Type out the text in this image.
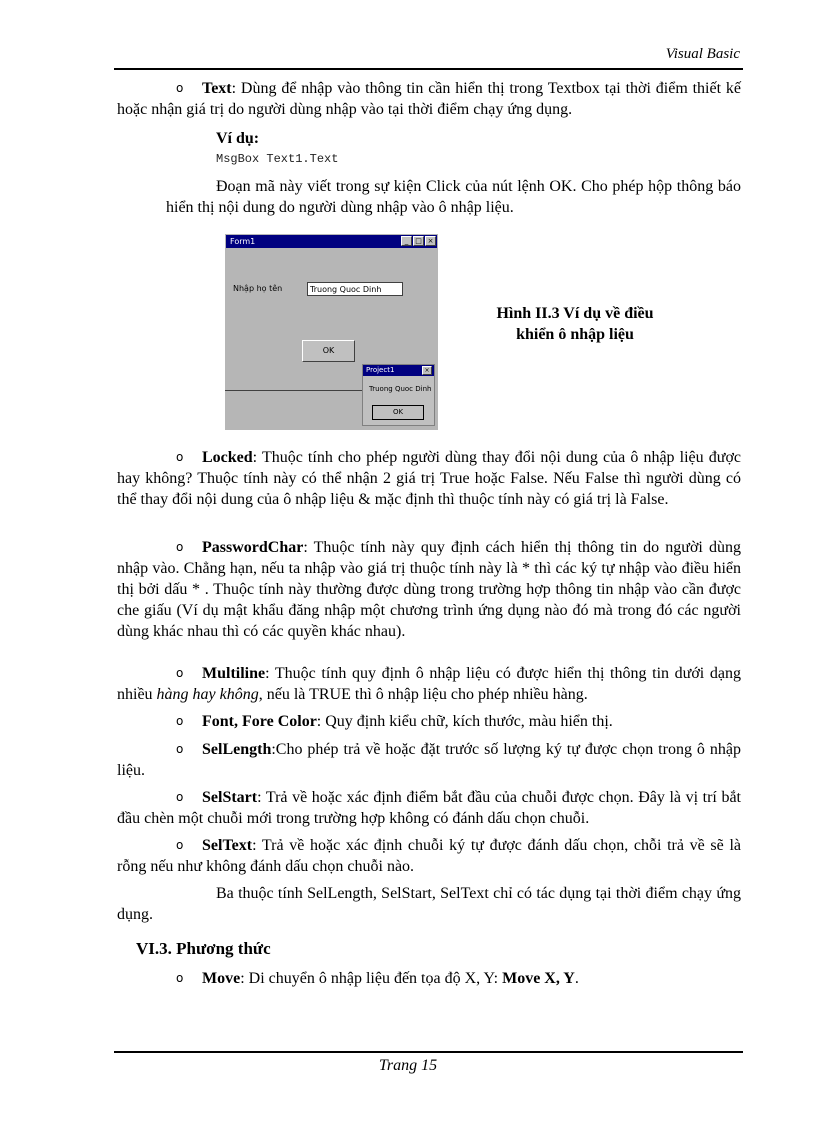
Visual Basic

o Text: Dùng để nhập vào thông tin cần hiển thị trong Textbox tại thời điểm thiết kế hoặc nhận giá trị do người dùng nhập vào tại thời điểm chạy ứng dụng.

Ví dụ:
MsgBox Text1.Text

Đoạn mã này viết trong sự kiện Click của nút lệnh OK. Cho phép hộp thông báo hiển thị nội dung do người dùng nhập vào ô nhập liệu.

Form1	_ □ ×
Nhập họ tên	Truong Quoc Dinh
OK
Project1	×
Truong Quoc Dinh
OK
Hình II.3 Ví dụ về điều
khiển ô nhập liệu

o Locked: Thuộc tính cho phép người dùng thay đổi nội dung của ô nhập liệu được hay không? Thuộc tính này có thể nhận 2 giá trị True hoặc False. Nếu False thì người dùng có thể thay đổi nội dung của ô nhập liệu & mặc định thì thuộc tính này có giá trị là False.

o PasswordChar: Thuộc tính này quy định cách hiển thị thông tin do người dùng nhập vào. Chẳng hạn, nếu ta nhập vào giá trị thuộc tính này là * thì các ký tự nhập vào điều hiển thị bởi dấu * . Thuộc tính này thường được dùng trong trường hợp thông tin nhập vào cần được che giấu (Ví dụ mật khẩu đăng nhập một chương trình ứng dụng nào đó mà trong đó các người dùng khác nhau thì có các quyền khác nhau).

o Multiline: Thuộc tính quy định ô nhập liệu có được hiển thị thông tin dưới dạng nhiều hàng hay không, nếu là TRUE thì ô nhập liệu cho phép nhiều hàng.

o Font, Fore Color: Quy định kiểu chữ, kích thước, màu hiển thị.

o SelLength:Cho phép trả về hoặc đặt trước số lượng ký tự được chọn trong ô nhập liệu.

o SelStart: Trả về hoặc xác định điểm bắt đầu của chuỗi được chọn. Đây là vị trí bắt đầu chèn một chuỗi mới trong trường hợp không có đánh dấu chọn chuỗi.

o SelText: Trả về hoặc xác định chuỗi ký tự được đánh dấu chọn, chỗi trả về sẽ là rỗng nếu như không đánh dấu chọn chuỗi nào.

Ba thuộc tính SelLength, SelStart, SelText chỉ có tác dụng tại thời điểm chạy ứng dụng.

VI.3. Phương thức

o Move: Di chuyển ô nhập liệu đến tọa độ X, Y: Move X, Y.

Trang 15
